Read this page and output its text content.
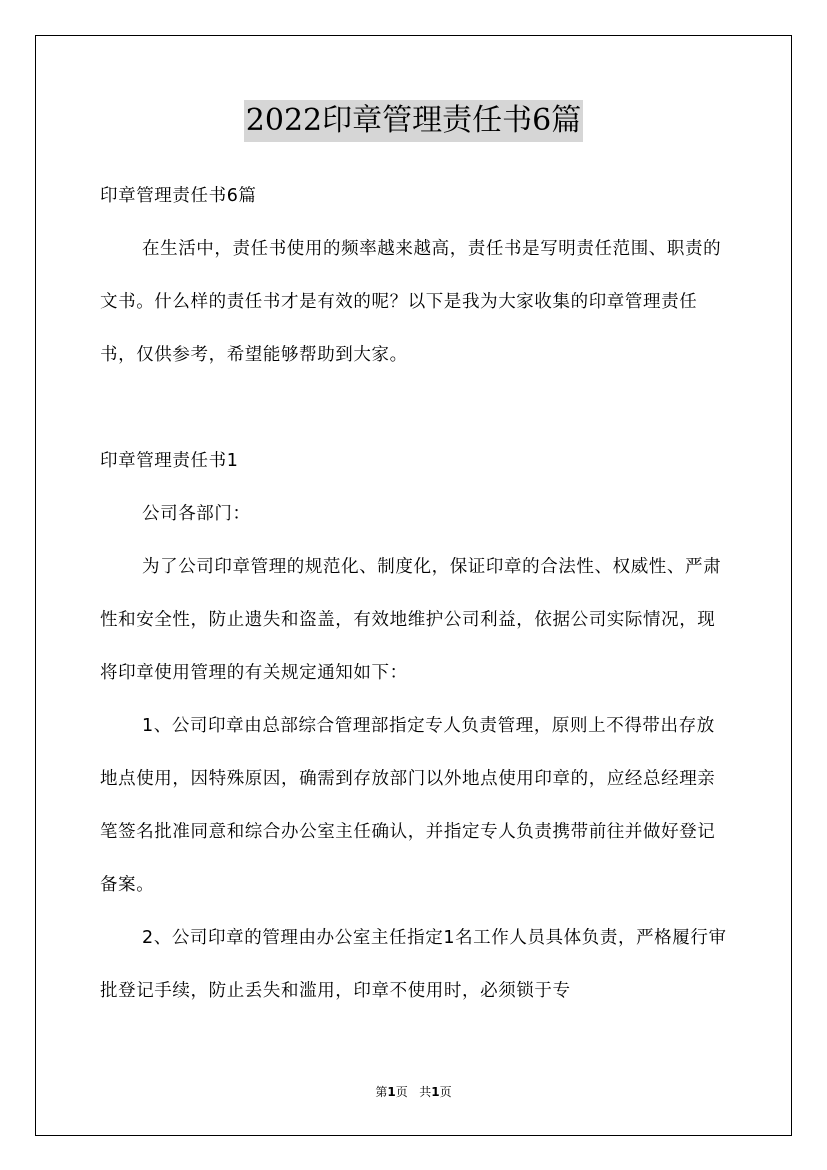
2022印章管理责任书6篇

印章管理责任书6篇

在生活中，责任书使用的频率越来越高，责任书是写明责任范围、职责的文书。什么样的责任书才是有效的呢？以下是我为大家收集的印章管理责任书，仅供参考，希望能够帮助到大家。

印章管理责任书1

公司各部门：

为了公司印章管理的规范化、制度化，保证印章的合法性、权威性、严肃性和安全性，防止遗失和盗盖，有效地维护公司利益，依据公司实际情况，现将印章使用管理的有关规定通知如下：

1、公司印章由总部综合管理部指定专人负责管理，原则上不得带出存放地点使用，因特殊原因，确需到存放部门以外地点使用印章的，应经总经理亲笔签名批准同意和综合办公室主任确认，并指定专人负责携带前往并做好登记备案。

2、公司印章的管理由办公室主任指定1名工作人员具体负责，严格履行审批登记手续，防止丢失和滥用，印章不使用时，必须锁于专

第1页 共1页
